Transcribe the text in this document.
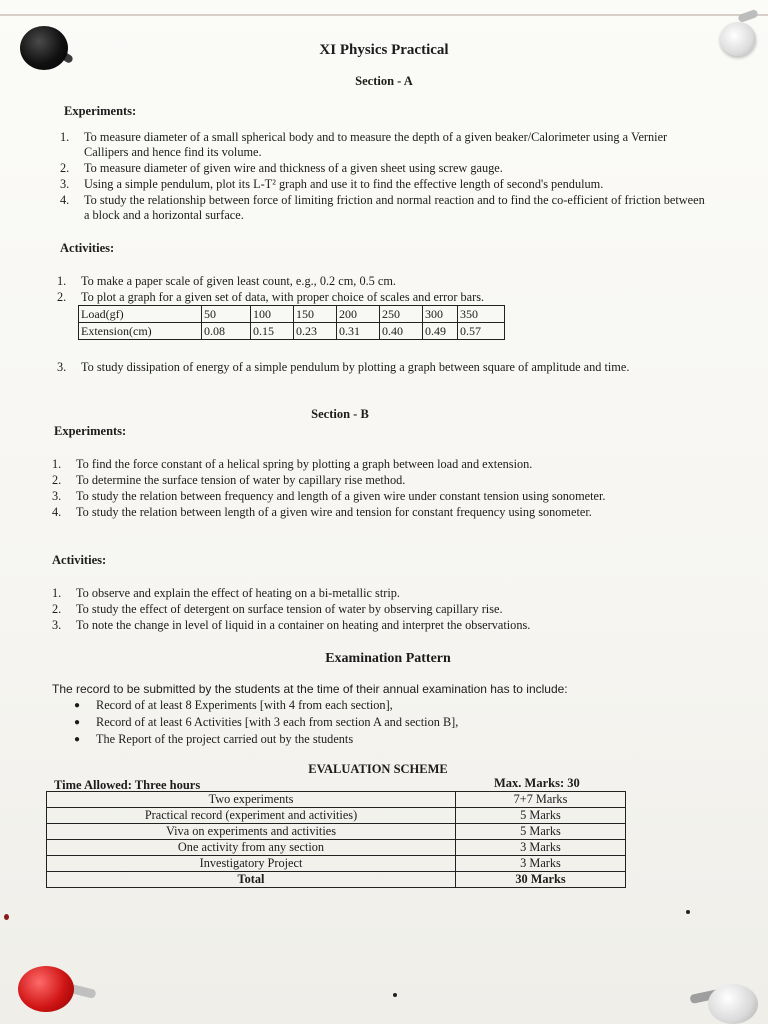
XI Physics Practical
Section - A
Experiments:
1. To measure diameter of a small spherical body and to measure the depth of a given beaker/Calorimeter using a Vernier Callipers and hence find its volume.
2. To measure diameter of given wire and thickness of a given sheet using screw gauge.
3. Using a simple pendulum, plot its L-T² graph and use it to find the effective length of second's pendulum.
4. To study the relationship between force of limiting friction and normal reaction and to find the co-efficient of friction between a block and a horizontal surface.
Activities:
1. To make a paper scale of given least count, e.g., 0.2 cm, 0.5 cm.
2. To plot a graph for a given set of data, with proper choice of scales and error bars.
Load(gf)	50	100	150	200	250	300	350
Extension(cm)	0.08	0.15	0.23	0.31	0.40	0.49	0.57
3. To study dissipation of energy of a simple pendulum by plotting a graph between square of amplitude and time.
Section - B
Experiments:
1. To find the force constant of a helical spring by plotting a graph between load and extension.
2. To determine the surface tension of water by capillary rise method.
3. To study the relation between frequency and length of a given wire under constant tension using sonometer.
4. To study the relation between length of a given wire and tension for constant frequency using sonometer.
Activities:
1. To observe and explain the effect of heating on a bi-metallic strip.
2. To study the effect of detergent on surface tension of water by observing capillary rise.
3. To note the change in level of liquid in a container on heating and interpret the observations.
Examination Pattern
The record to be submitted by the students at the time of their annual examination has to include:
● Record of at least 8 Experiments [with 4 from each section],
● Record of at least 6 Activities [with 3 each from section A and section B],
● The Report of the project carried out by the students
EVALUATION SCHEME
Time Allowed: Three hours	Max. Marks: 30
Two experiments	7+7 Marks
Practical record (experiment and activities)	5 Marks
Viva on experiments and activities	5 Marks
One activity from any section	3 Marks
Investigatory Project	3 Marks
Total	30 Marks
